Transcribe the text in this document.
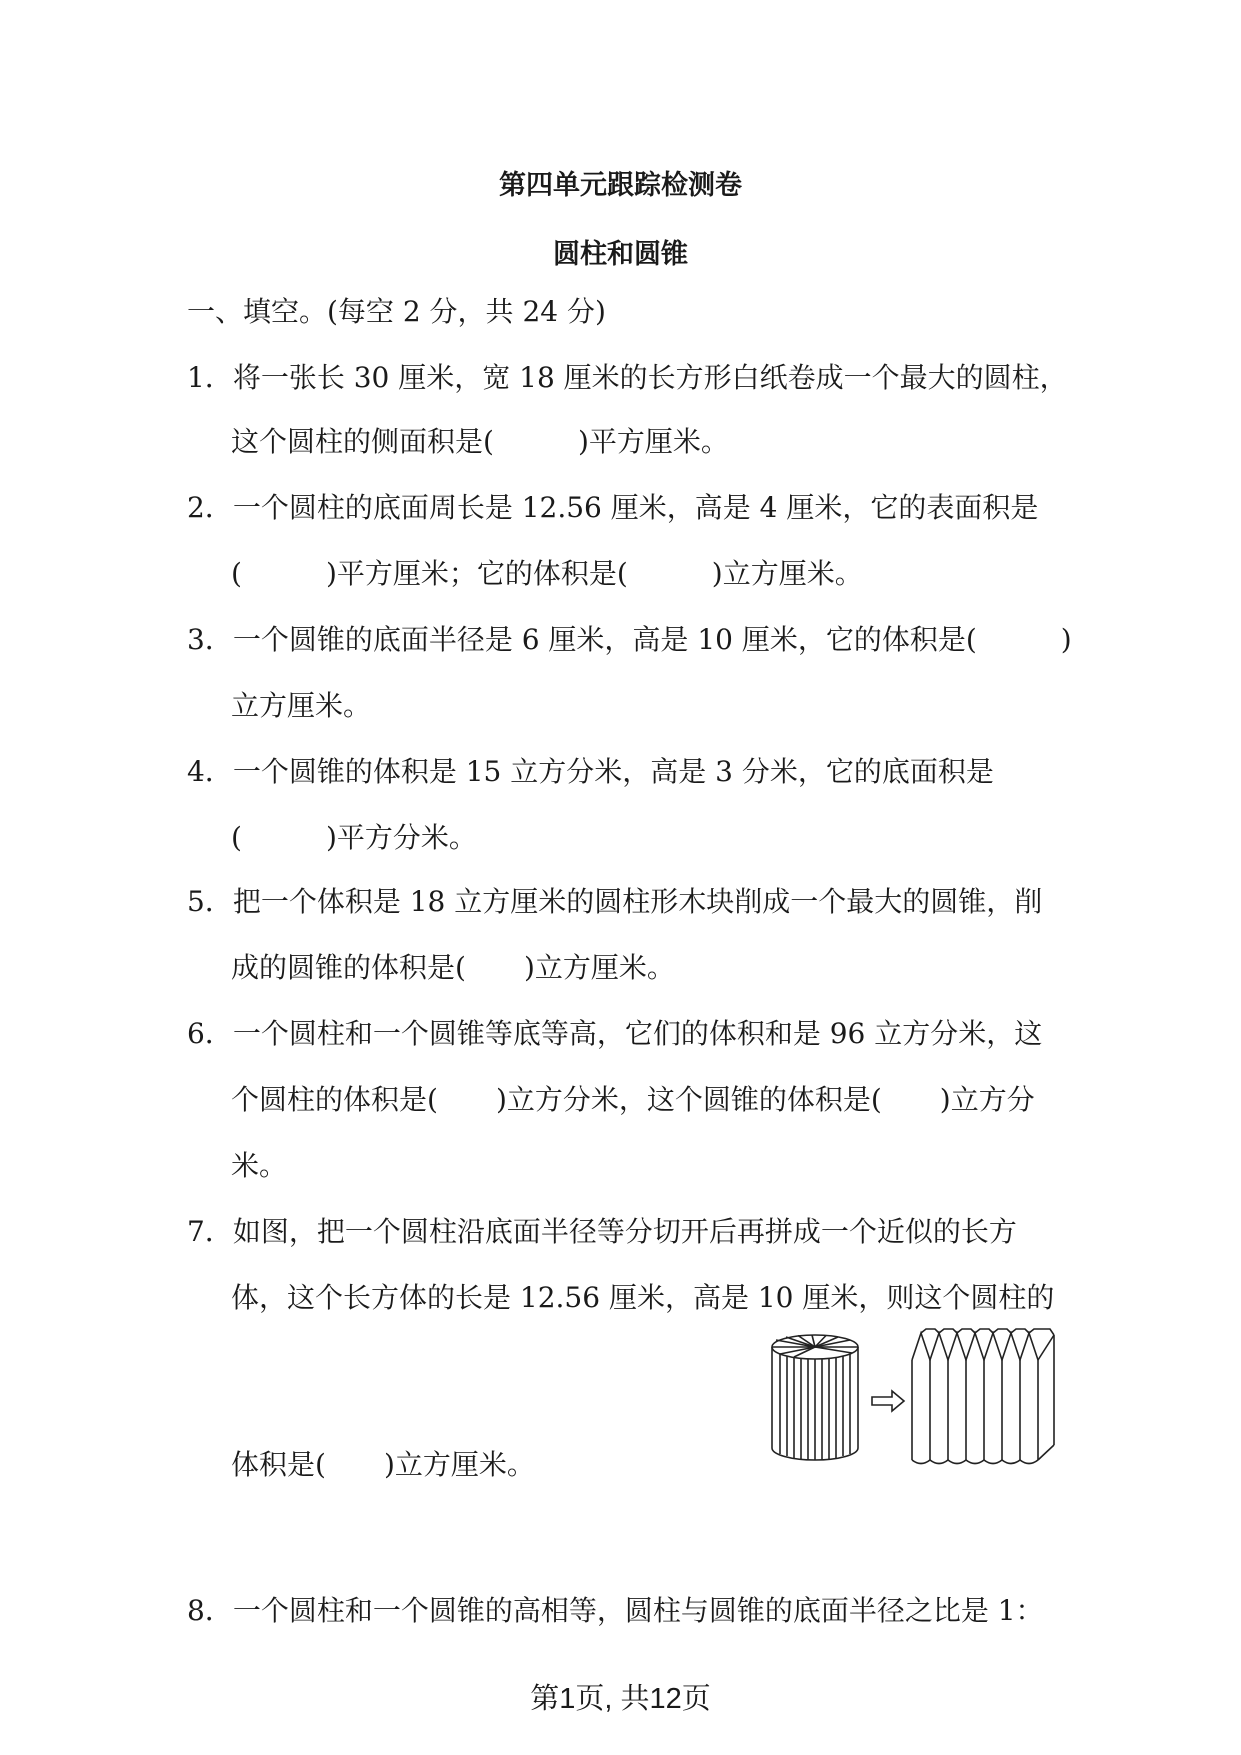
第四单元跟踪检测卷
圆柱和圆锥
一、填空。(每空 2 分，共 24 分)
1．将一张长 30 厘米，宽 18 厘米的长方形白纸卷成一个最大的圆柱，
这个圆柱的侧面积是(	)平方厘米。
2．一个圆柱的底面周长是 12.56 厘米，高是 4 厘米，它的表面积是
(	)平方厘米；它的体积是(	)立方厘米。
3．一个圆锥的底面半径是 6 厘米，高是 10 厘米，它的体积是(	)
立方厘米。
4．一个圆锥的体积是 15 立方分米，高是 3 分米，它的底面积是
(	)平方分米。
5．把一个体积是 18 立方厘米的圆柱形木块削成一个最大的圆锥，削
成的圆锥的体积是( )立方厘米。
6．一个圆柱和一个圆锥等底等高，它们的体积和是 96 立方分米，这
个圆柱的体积是( )立方分米，这个圆锥的体积是( )立方分
米。
7．如图，把一个圆柱沿底面半径等分切开后再拼成一个近似的长方
体，这个长方体的长是 12.56 厘米，高是 10 厘米，则这个圆柱的
体积是( )立方厘米。
8．一个圆柱和一个圆锥的高相等，圆柱与圆锥的底面半径之比是 1：
第1页, 共12页
